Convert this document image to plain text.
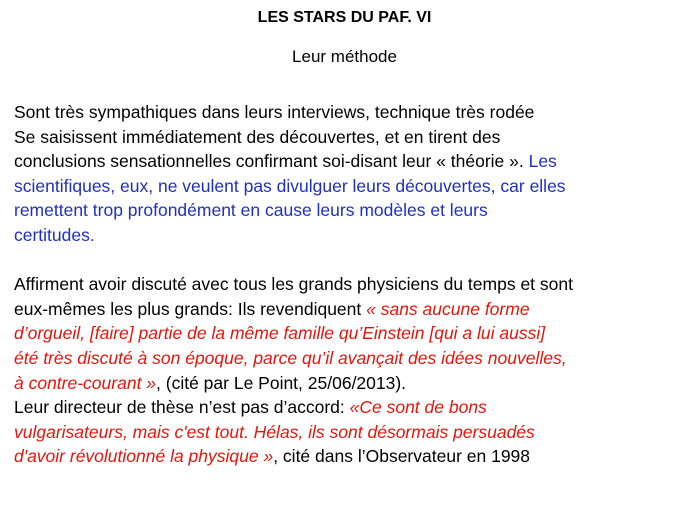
LES STARS DU PAF. VI
Leur méthode
Sont très sympathiques dans leurs interviews, technique très rodée
Se saisissent immédiatement des découvertes, et en tirent des
conclusions sensationnelles confirmant soi-disant leur « théorie ». Les
scientifiques, eux, ne veulent pas divulguer leurs découvertes, car elles
remettent trop profondément en cause leurs modèles et leurs
certitudes.
Affirment avoir discuté avec tous les grands physiciens du temps et sont
eux-mêmes les plus grands: Ils revendiquent « sans aucune forme
d’orgueil, [faire] partie de la même famille qu’Einstein [qui a lui aussi]
été très discuté à son époque, parce qu’il avançait des idées nouvelles,
à contre-courant », (cité par Le Point, 25/06/2013).
Leur directeur de thèse n’est pas d’accord: «Ce sont de bons
vulgarisateurs, mais c'est tout. Hélas, ils sont désormais persuadés
d'avoir révolutionné la physique », cité dans l’Observateur en 1998
